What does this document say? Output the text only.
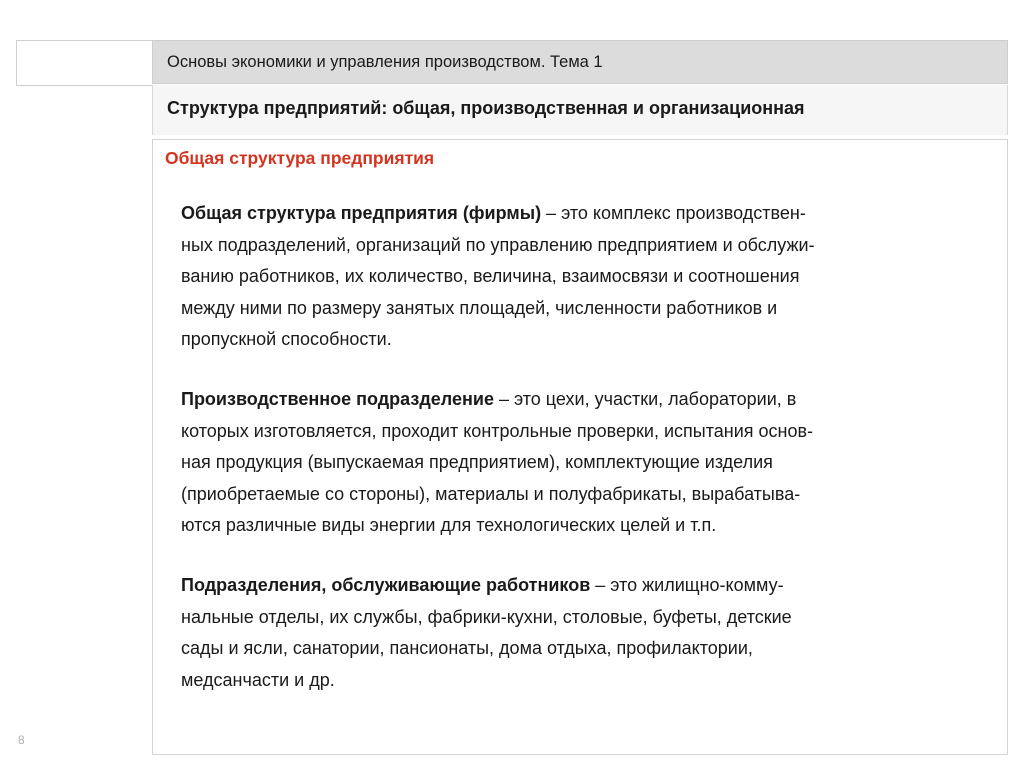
Основы экономики и управления производством. Тема 1
Структура предприятий: общая, производственная и организационная
Общая структура предприятия
Общая структура предприятия (фирмы) – это комплекс производствен-
ных подразделений, организаций по управлению предприятием и обслужи-
ванию работников, их количество, величина, взаимосвязи и соотношения
между ними по размеру занятых площадей, численности работников и
пропускной способности.
Производственное подразделение – это цехи, участки, лаборатории, в
которых изготовляется, проходит контрольные проверки, испытания основ-
ная продукция (выпускаемая предприятием), комплектующие изделия
(приобретаемые со стороны), материалы и полуфабрикаты, вырабатыва-
ются различные виды энергии для технологических целей и т.п.
Подразделения, обслуживающие работников – это жилищно-комму-
нальные отделы, их службы, фабрики-кухни, столовые, буфеты, детские
сады и ясли, санатории, пансионаты, дома отдыха, профилактории,
медсанчасти и др.
8
